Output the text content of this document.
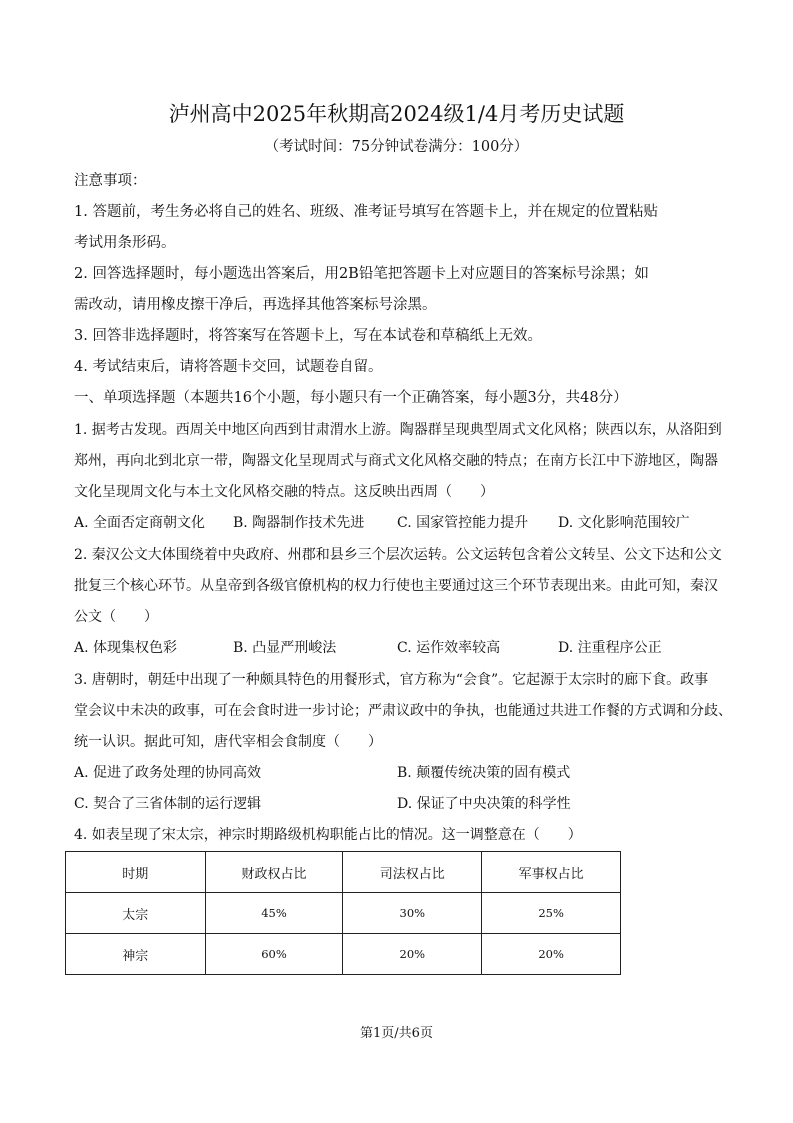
泸州高中2025年秋期高2024级1/4月考历史试题
（考试时间：75分钟试卷满分：100分）
注意事项：
1. 答题前，考生务必将自己的姓名、班级、准考证号填写在答题卡上，并在规定的位置粘贴
考试用条形码。
2. 回答选择题时，每小题选出答案后，用2B铅笔把答题卡上对应题目的答案标号涂黑；如
需改动，请用橡皮擦干净后，再选择其他答案标号涂黑。
3. 回答非选择题时，将答案写在答题卡上，写在本试卷和草稿纸上无效。
4. 考试结束后，请将答题卡交回，试题卷自留。
一、单项选择题（本题共16个小题，每小题只有一个正确答案，每小题3分，共48分）
1. 据考古发现。西周关中地区向西到甘肃渭水上游。陶器群呈现典型周式文化风格；陕西以东，从洛阳到
郑州，再向北到北京一带，陶器文化呈现周式与商式文化风格交融的特点；在南方长江中下游地区，陶器
文化呈现周文化与本土文化风格交融的特点。这反映出西周（　　）
A. 全面否定商朝文化 B. 陶器制作技术先进 C. 国家管控能力提升 D. 文化影响范围较广
2. 秦汉公文大体围绕着中央政府、州郡和县乡三个层次运转。公文运转包含着公文转呈、公文下达和公文
批复三个核心环节。从皇帝到各级官僚机构的权力行使也主要通过这三个环节表现出来。由此可知，秦汉
公文（　　）
A. 体现集权色彩	B. 凸显严刑峻法	C. 运作效率较高	D. 注重程序公正
3. 唐朝时，朝廷中出现了一种颇具特色的用餐形式，官方称为“会食”。它起源于太宗时的廊下食。政事
堂会议中未决的政事，可在会食时进一步讨论；严肃议政中的争执，也能通过共进工作餐的方式调和分歧、
统一认识。据此可知，唐代宰相会食制度（　　）
A. 促进了政务处理的协同高效	B. 颠覆传统决策的固有模式
C. 契合了三省体制的运行逻辑	D. 保证了中央决策的科学性
4. 如表呈现了宋太宗，神宗时期路级机构职能占比的情况。这一调整意在（　　）
时期	财政权占比	司法权占比	军事权占比
太宗	45%	30%	25%
神宗	60%	20%	20%
第1页/共6页
